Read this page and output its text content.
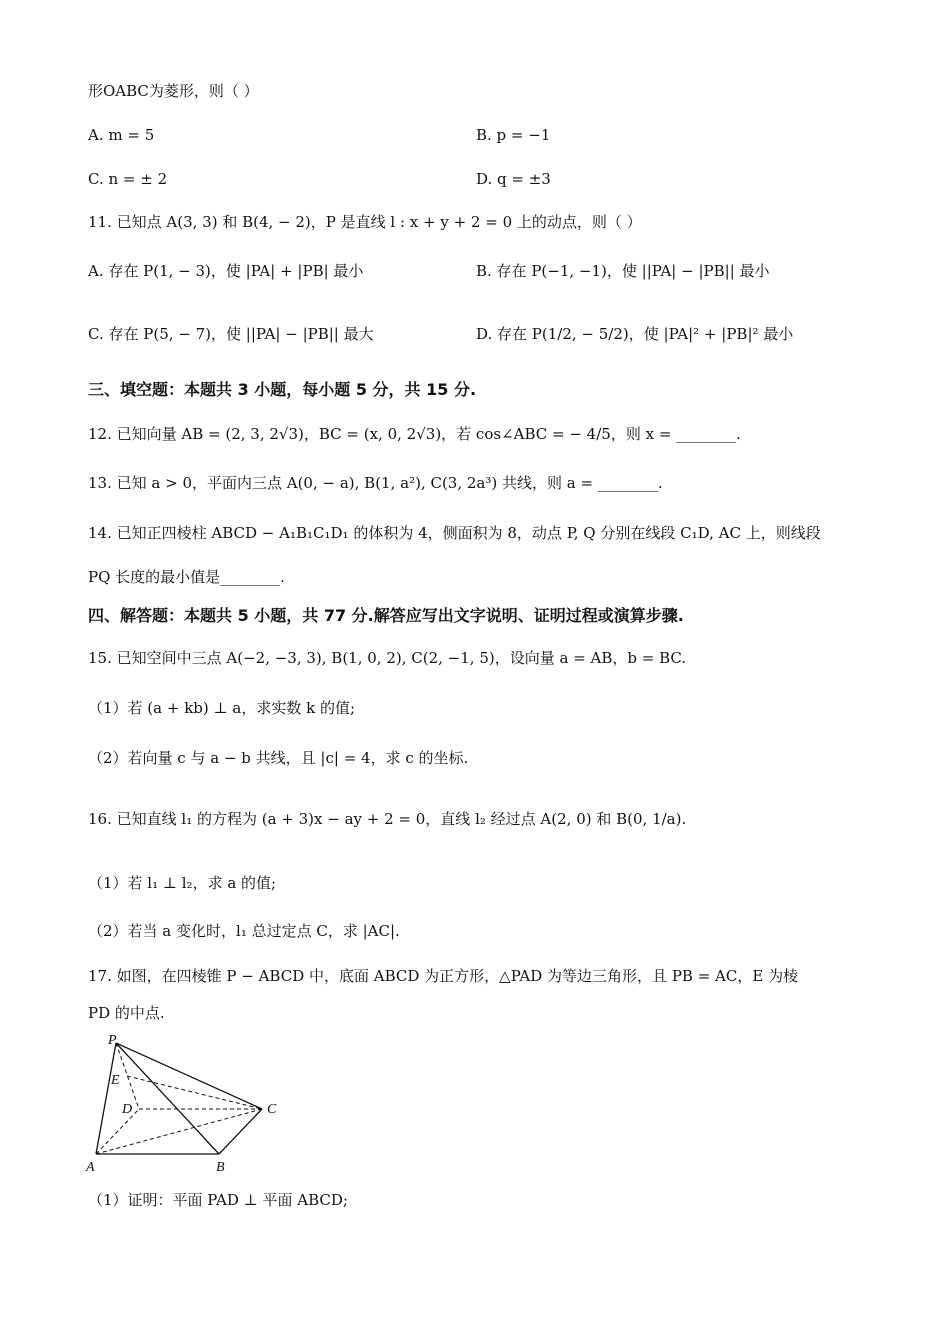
形OABC为菱形，则（ ）
A. m = 5	B. p = −1
C. n = ± 2	D. q = ±3
11. 已知点 A(3, 3) 和 B(4, − 2)，P 是直线 l : x + y + 2 = 0 上的动点，则（ ）
A. 存在 P(1, − 3)，使 |PA| + |PB| 最小	B. 存在 P(−1, −1)，使 ||PA| − |PB|| 最小
C. 存在 P(5, − 7)，使 ||PA| − |PB|| 最大	D. 存在 P(1/2, − 5/2)，使 |PA|² + |PB|² 最小
三、填空题：本题共 3 小题，每小题 5 分，共 15 分.
12. 已知向量 AB = (2, 3, 2√3)，BC = (x, 0, 2√3)，若 cos∠ABC = − 4/5，则 x = ________.
13. 已知 a > 0，平面内三点 A(0, − a), B(1, a²), C(3, 2a³) 共线，则 a = ________.
14. 已知正四棱柱 ABCD − A₁B₁C₁D₁ 的体积为 4，侧面积为 8，动点 P, Q 分别在线段 C₁D, AC 上，则线段
PQ 长度的最小值是________.
四、解答题：本题共 5 小题，共 77 分.解答应写出文字说明、证明过程或演算步骤.
15. 已知空间中三点 A(−2, −3, 3), B(1, 0, 2), C(2, −1, 5)，设向量 a = AB，b = BC.
（1）若 (a + kb) ⊥ a，求实数 k 的值;
（2）若向量 c 与 a − b 共线，且 |c| = 4，求 c 的坐标.
16. 已知直线 l₁ 的方程为 (a + 3)x − ay + 2 = 0，直线 l₂ 经过点 A(2, 0) 和 B(0, 1/a).
（1）若 l₁ ⊥ l₂，求 a 的值;
（2）若当 a 变化时，l₁ 总过定点 C，求 |AC|.
17. 如图，在四棱锥 P − ABCD 中，底面 ABCD 为正方形，△PAD 为等边三角形，且 PB = AC，E 为棱
PD 的中点.
P
E
D	C
A	B
（1）证明：平面 PAD ⊥ 平面 ABCD;
